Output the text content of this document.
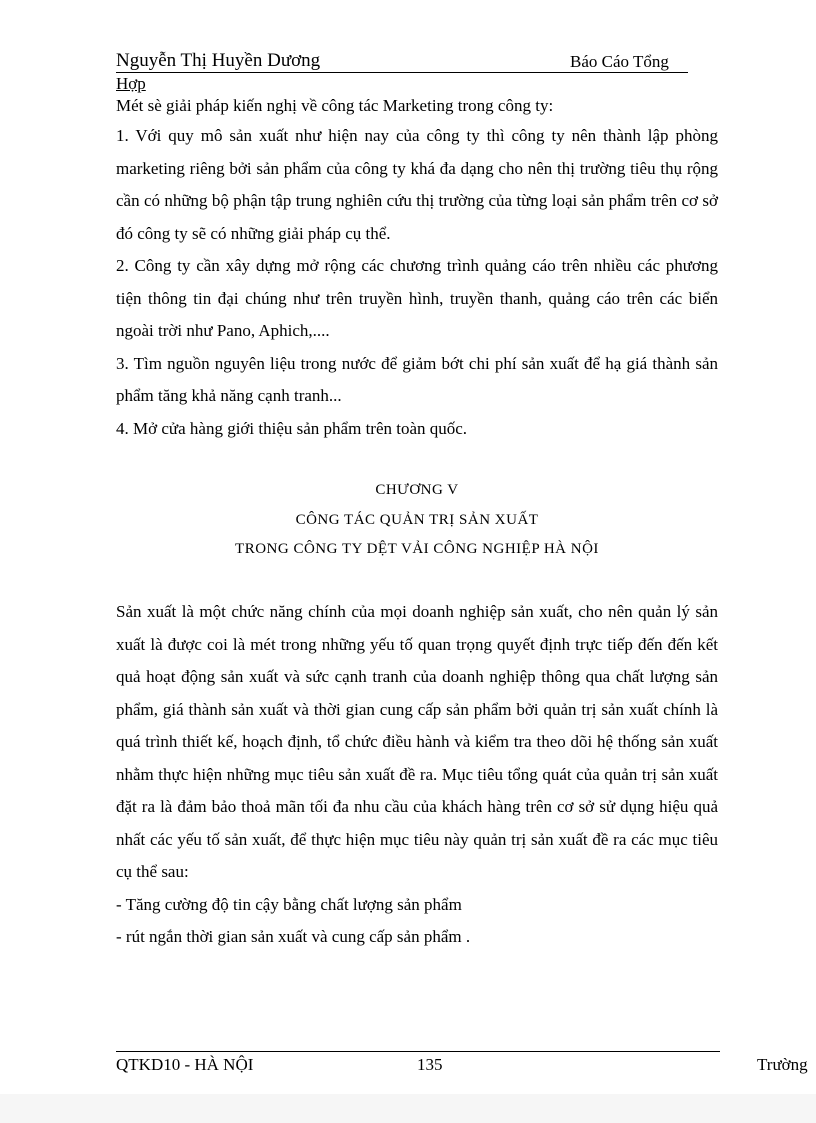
Nguyễn Thị Huyền Dương	Báo Cáo Tổng
Hợp
Mét sè giải pháp kiến nghị về công tác Marketing trong công ty:

1. Với quy mô sản xuất như hiện nay của công ty thì công ty nên thành lập phòng marketing riêng bởi sản phẩm của công ty khá đa dạng cho nên thị trường tiêu thụ rộng cần có những bộ phận tập trung nghiên cứu thị trường của từng loại sản phẩm trên cơ sở đó công ty sẽ có những giải pháp cụ thể.

2. Công ty cần xây dựng mở rộng các chương trình quảng cáo trên nhiều các phương tiện thông tin đại chúng như trên truyền hình, truyền thanh, quảng cáo trên các biển ngoài trời như Pano, Aphich,....

3. Tìm nguồn nguyên liệu trong nước để giảm bớt chi phí sản xuất để hạ giá thành sản phẩm tăng khả năng cạnh tranh...

4. Mở cửa hàng giới thiệu sản phẩm trên toàn quốc.

CHƯƠNG V
CÔNG TÁC QUẢN TRỊ SẢN XUẤT
TRONG CÔNG TY DỆT VẢI CÔNG NGHIỆP HÀ NỘI

Sản xuất là một chức năng chính của mọi doanh nghiệp sản xuất, cho nên quản lý sản xuất là được coi là mét trong những yếu tố quan trọng quyết định trực tiếp đến đến kết quả hoạt động sản xuất và sức cạnh tranh của doanh nghiệp thông qua chất lượng sản phẩm, giá thành sản xuất và thời gian cung cấp sản phẩm bởi quản trị sản xuất chính là quá trình thiết kế, hoạch định, tổ chức điều hành và kiểm tra theo dõi hệ thống sản xuất nhằm thực hiện những mục tiêu sản xuất đề ra. Mục tiêu tổng quát của quản trị sản xuất đặt ra là đảm bảo thoả mãn tối đa nhu cầu của khách hàng trên cơ sở sử dụng hiệu quả nhất các yếu tố sản xuất, để thực hiện mục tiêu này quản trị sản xuất đề ra các mục tiêu cụ thể sau:

- Tăng cường độ tin cậy bằng chất lượng sản phẩm

- rút ngắn thời gian sản xuất và cung cấp sản phẩm .

QTKD10 - HÀ NỘI	135	Trường
